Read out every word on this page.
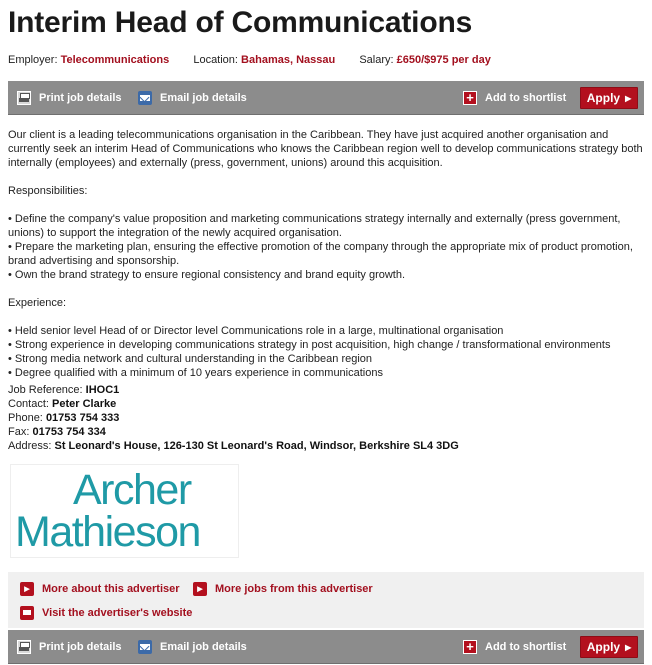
Interim Head of Communications
Employer: Telecommunications Location: Bahamas, Nassau Salary: £650/$975 per day
Print job details	Email job details	+ Add to shortlist Apply ▶

Our client is a leading telecommunications organisation in the Caribbean. They have just acquired another organisation and currently seek an interim Head of Communications who knows the Caribbean region well to develop communications strategy both internally (employees) and externally (press, government, unions) around this acquisition.

Responsibilities:

• Define the company's value proposition and marketing communications strategy internally and externally (press government, unions) to support the integration of the newly acquired organisation.
• Prepare the marketing plan, ensuring the effective promotion of the company through the appropriate mix of product promotion, brand advertising and sponsorship.
• Own the brand strategy to ensure regional consistency and brand equity growth.

Experience:

• Held senior level Head of or Director level Communications role in a large, multinational organisation
• Strong experience in developing communications strategy in post acquisition, high change / transformational environments
• Strong media network and cultural understanding in the Caribbean region
• Degree qualified with a minimum of 10 years experience in communications
Job Reference: IHOC1
Contact: Peter Clarke
Phone: 01753 754 333
Fax: 01753 754 334
Address: St Leonard's House, 126-130 St Leonard's Road, Windsor, Berkshire SL4 3DG
Archer
Mathieson
▶	More about this advertiser	▶	More jobs from this advertiser
Visit the advertiser's website
Print job details	Email job details	+ Add to shortlist Apply ▶
